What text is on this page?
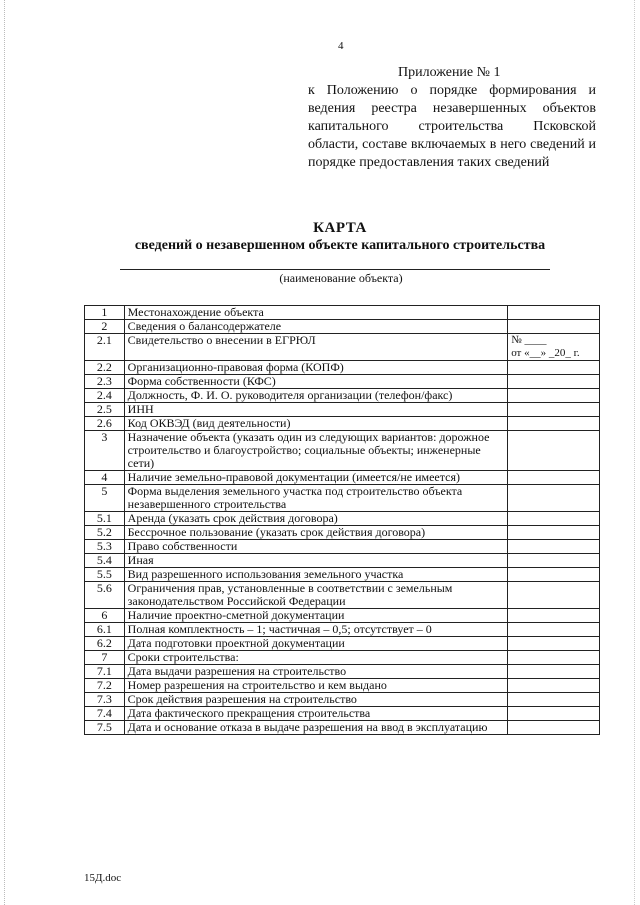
4
Приложение № 1
к Положению о порядке формирования и ведения реестра незавершенных объектов капитального строительства Псковской области, составе включаемых в него сведений и порядке предоставления таких сведений
КАРТА
сведений о незавершенном объекте капитального строительства
(наименование объекта)
1	Местонахождение объекта	

2	Сведения о балансодержателе	

2.1	Свидетельство о внесении в ЕГРЮЛ	№ ____
от «__» _20_ г.

2.2	Организационно-правовая форма (КОПФ)	

2.3	Форма собственности (КФС)	

2.4	Должность, Ф. И. О. руководителя организации (телефон/факс)	

2.5	ИНН	

2.6	Код ОКВЭД (вид деятельности)	

3	Назначение объекта (указать один из следующих вариантов: дорожное строительство и благоустройство; социальные объекты; инженерные сети)	

4	Наличие земельно-правовой документации (имеется/не имеется)	

5	Форма выделения земельного участка под строительство объекта незавершенного строительства	

5.1	Аренда (указать срок действия договора)	

5.2	Бессрочное пользование (указать срок действия договора)	

5.3	Право собственности	

5.4	Иная	

5.5	Вид разрешенного использования земельного участка	

5.6	Ограничения прав, установленные в соответствии с земельным законодательством Российской Федерации	

6	Наличие проектно-сметной документации	

6.1	Полная комплектность – 1; частичная – 0,5; отсутствует – 0	

6.2	Дата подготовки проектной документации	

7	Сроки строительства:	

7.1	Дата выдачи разрешения на строительство	

7.2	Номер разрешения на строительство и кем выдано	

7.3	Срок действия разрешения на строительство	

7.4	Дата фактического прекращения строительства	

7.5	Дата и основание отказа в выдаче разрешения на ввод в эксплуатацию	
15Д.doc
